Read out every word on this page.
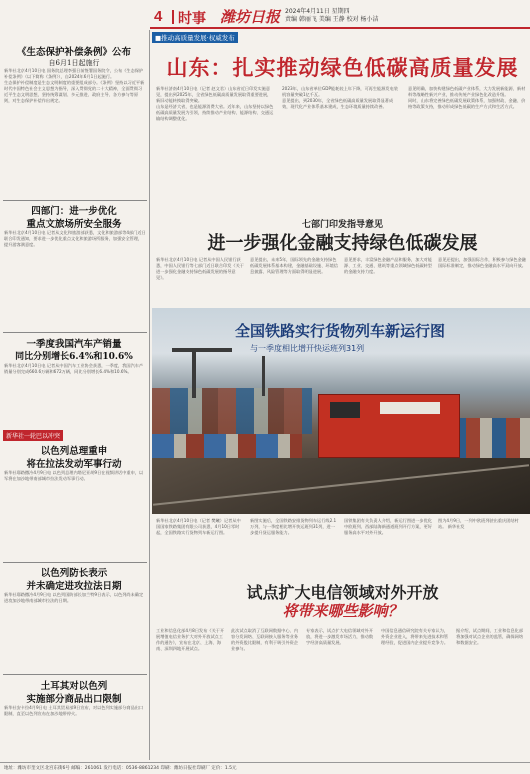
4 时事 潍坊日报 2024年4月11日 星期四
责编 韩丽飞 美编 王静 校对 杨小洁
《生态保护补偿条例》公布
自6月1日起施行
新华社北京4月10日电 国务院总理李强日前签署国务院令，公布《生态保护补偿条例》（以下简称《条例》），自2024年6月1日起施行。
生态保护补偿制度是生态文明制度的重要组成部分。《条例》坚持以习近平新时代中国特色社会主义思想为指导，深入贯彻党的二十大精神，全面贯彻习近平生态文明思想，坚持统筹谋划、多元推进、政府主导、各方参与等原则，对生态保护补偿作出规定。
四部门：进一步优化
重点文旅场所安全服务
新华社北京4月10日电 记者从文化和旅游部获悉，文化和旅游部等4部门近日联合印发通知，要求进一步优化重点文化和旅游场所服务，加强安全管理，提升游客满意度。
一季度我国汽车产销量
同比分别增长6.4%和10.6%
新华社北京4月10日电 记者从中国汽车工业协会获悉，一季度，我国汽车产销量分别完成660.6万辆和672万辆，同比分别增长6.4%和10.6%。
新华社一轮巴以冲突
以色列总理重申
将在拉法发动军事行动
新华社耶路撒冷4月9日电 以色列总理内塔尼亚胡9日在视频讲话中重申，以军将在加沙地带南部城市拉法发动军事行动。
以色列防长表示
并未确定进攻拉法日期
新华社耶路撒冷4月9日电 以色列国防部长加兰特9日表示，以色列尚未确定进攻加沙地带南部城市拉法的日期。
土耳其对以色列
实施部分商品出口限制
新华社安卡拉4月9日电 土耳其贸易部9日宣布，对以色列实施部分商品出口限制，直至以色列宣布在加沙地带停火。
■推动高质量发展·权威发布
山东：扎实推动绿色低碳高质量发展
新华社济南4月10日电（记者 赵文君）山东省近日印发实施意见，提出到2025年，全省绿色低碳高质量发展取得重要进展，新旧动能转换取得突破。
山东是经济大省，也是能源消费大省。近年来，山东坚持以绿色低碳高质量发展为引领，持续推动产业结构、能源结构、交通运输结构调整优化。
2023年，山东省单位GDP能耗较上年下降，可再生能源发电装机容量突破1亿千瓦。
意见提出，到2030年，全省绿色低碳高质量发展取得显著成效，现代化产业体系基本建成，生态环境质量持续改善。
意见明确，加快构建绿色低碳产业体系，大力发展新能源、新材料等战略性新兴产业，推动传统产业绿色化改造升级。
同时，山东将完善绿色低碳发展政策体系，加强财政、金融、价格等政策支持，推动形成绿色低碳的生产方式和生活方式。
七部门印发指导意见
进一步强化金融支持绿色低碳发展
新华社北京4月10日电 记者从中国人民银行获悉，中国人民银行等七部门近日联合印发《关于进一步强化金融支持绿色低碳发展的指导意见》。
意见提出，未来5年，国际领先的金融支持绿色低碳发展体系基本构建，金融基础设施、环境信息披露、风险管理等方面取得明显进展。
意见要求，丰富绿色金融产品和服务，加大对能源、工业、交通、建筑等重点领域绿色低碳转型的金融支持力度。
意见还提出，加强国际合作，积极参与绿色金融国际标准制定，推动绿色金融高水平双向开放。
全国铁路实行货物列车新运行图
与一季度相比增开快运班列31列
新华社北京4月10日电（记者 樊曦）记者从中国国家铁路集团有限公司获悉，4月10日零时起，全国铁路实行货物列车新运行图。
新图实施后，全国铁路安排货物列车运行线2.1万列，与一季度相比增开快运班列31列，进一步提升货运服务能力。
国铁集团有关负责人介绍，新运行图进一步优化中欧班列、西部陆海新通道班列开行方案，更好服务高水平对外开放。
图为4月9日，一列中欧班列驶出重庆团结村站。 新华社发
试点扩大电信领域对外开放
将带来哪些影响？
工业和信息化部4月8日发布《关于开展增值电信业务扩大对外开放试点工作的通告》，宣布在北京、上海、海南、深圳四地开展试点。
此次试点取消了互联网数据中心、内容分发网络、互联网接入服务等业务的外资股比限制，有利于吸引外资企业参与。
专家表示，试点扩大电信领域对外开放，将进一步激发市场活力，推动数字经济高质量发展。
中国信息通信研究院有关专家认为，外资企业进入，将带来先进技术和管理经验，促进国内企业提升竞争力。
据介绍，试点期间，工业和信息化部将加强对试点企业的监管，确保网络和数据安全。
地址：潍坊市奎文区北宫东街6号 邮编：261061 发行电话：0536-8861234 印刷：潍坊日报社印刷厂 定价：1.5元
